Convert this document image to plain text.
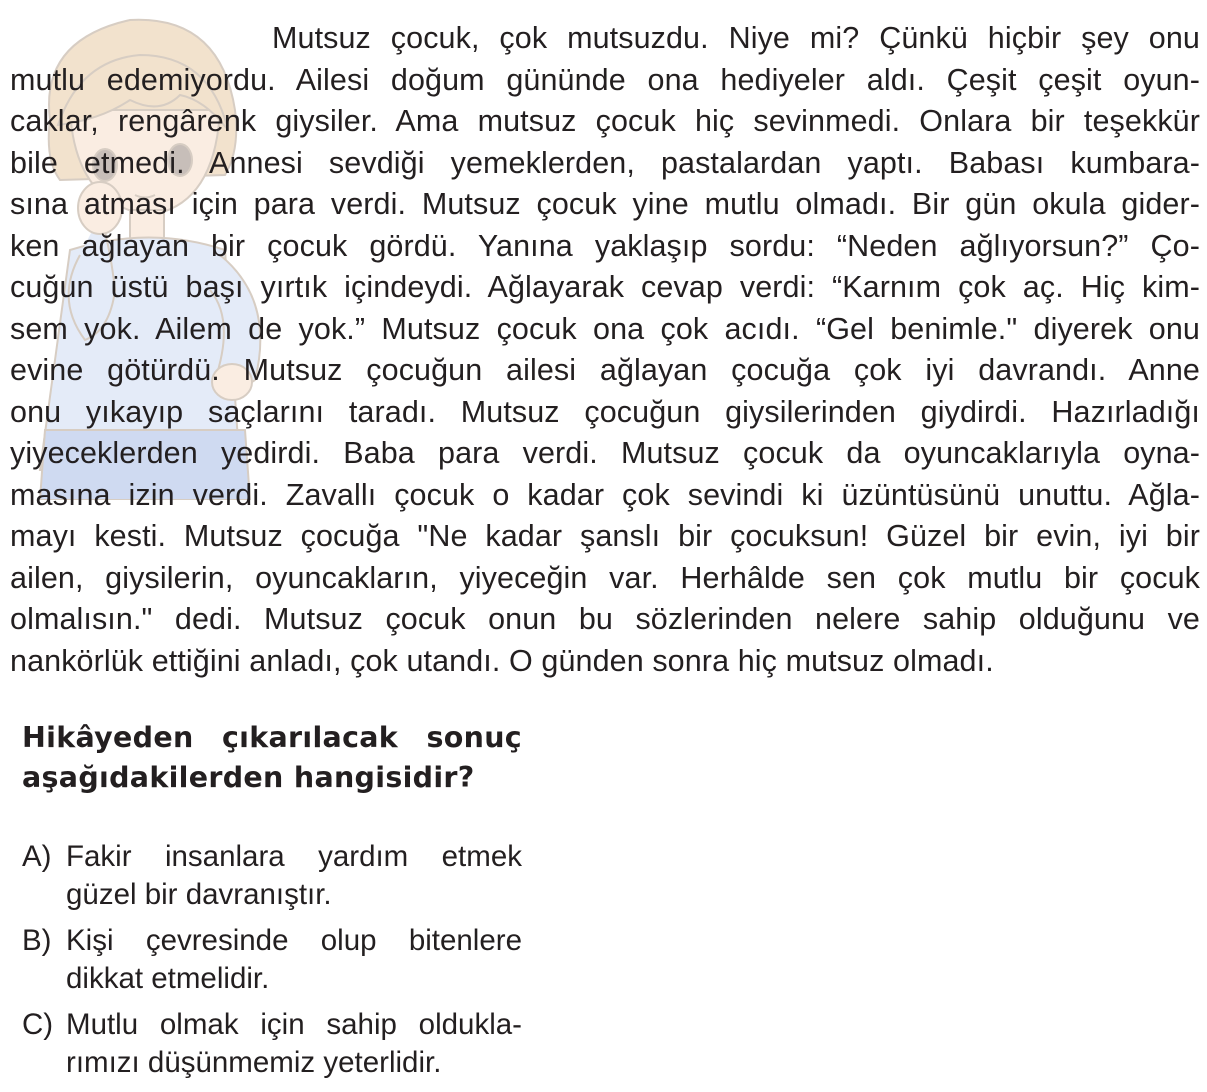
Mutsuz çocuk, çok mutsuzdu. Niye mi? Çünkü hiçbir şey onu
mutlu edemiyordu. Ailesi doğum gününde ona hediyeler aldı. Çeşit çeşit oyun-
caklar, rengârenk giysiler. Ama mutsuz çocuk hiç sevinmedi. Onlara bir teşekkür
bile etmedi. Annesi sevdiği yemeklerden, pastalardan yaptı. Babası kumbara-
sına atması için para verdi. Mutsuz çocuk yine mutlu olmadı. Bir gün okula gider-
ken ağlayan bir çocuk gördü. Yanına yaklaşıp sordu: “Neden ağlıyorsun?” Ço-
cuğun üstü başı yırtık içindeydi. Ağlayarak cevap verdi: “Karnım çok aç. Hiç kim-
sem yok. Ailem de yok.” Mutsuz çocuk ona çok acıdı. “Gel benimle." diyerek onu
evine götürdü. Mutsuz çocuğun ailesi ağlayan çocuğa çok iyi davrandı. Anne
onu yıkayıp saçlarını taradı. Mutsuz çocuğun giysilerinden giydirdi. Hazırladığı
yiyeceklerden yedirdi. Baba para verdi. Mutsuz çocuk da oyuncaklarıyla oyna-
masına izin verdi. Zavallı çocuk o kadar çok sevindi ki üzüntüsünü unuttu. Ağla-
mayı kesti. Mutsuz çocuğa "Ne kadar şanslı bir çocuksun! Güzel bir evin, iyi bir
ailen, giysilerin, oyuncakların, yiyeceğin var. Herhâlde sen çok mutlu bir çocuk
olmalısın." dedi. Mutsuz çocuk onun bu sözlerinden nelere sahip olduğunu ve
nankörlük ettiğini anladı, çok utandı. O günden sonra hiç mutsuz olmadı.
Hikâyeden çıkarılacak sonuç
aşağıdakilerden hangisidir?
A) Fakir insanlara yardım etmek
güzel bir davranıştır.
B) Kişi çevresinde olup bitenlere
dikkat etmelidir.
C) Mutlu olmak için sahip oldukla-
rımızı düşünmemiz yeterlidir.
